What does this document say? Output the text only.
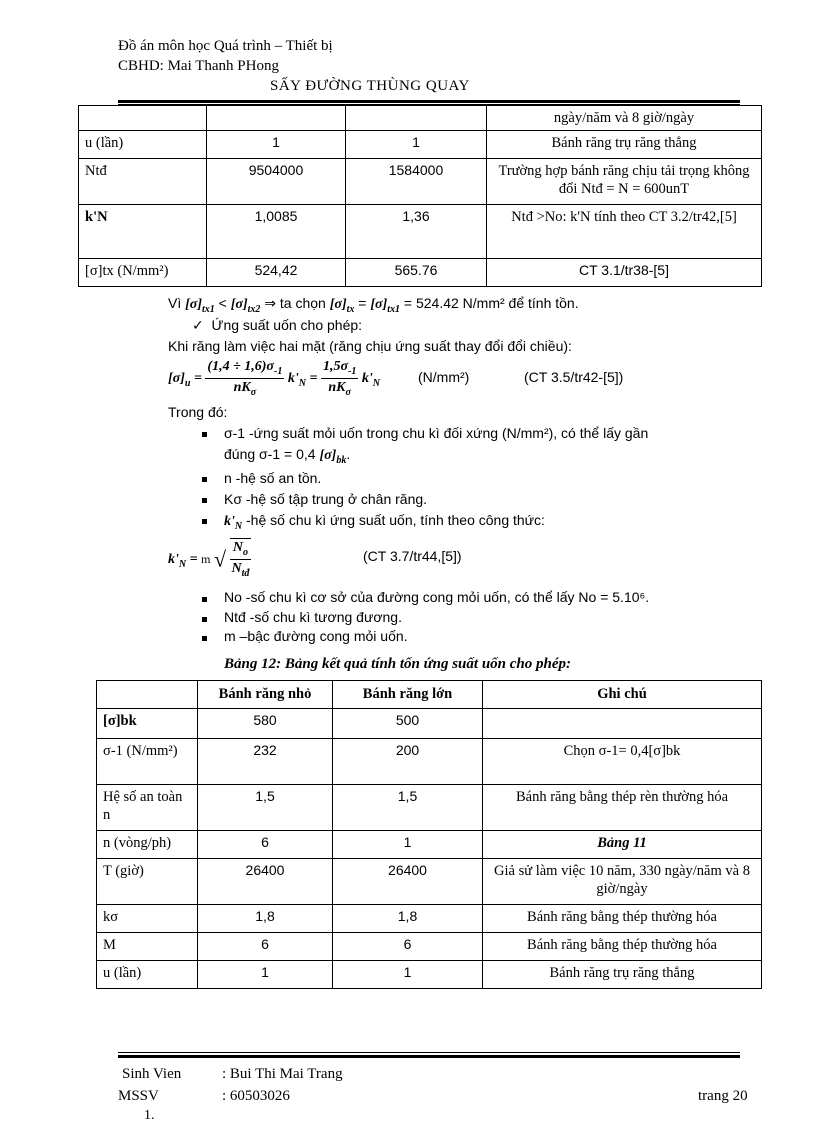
Đồ án môn học Quá trình – Thiết bị
CBHD: Mai Thanh PHong
SẤY ĐƯỜNG THÙNG QUAY
			ngày/năm và 8 giờ/ngày
u (lần)	1	1	Bánh răng trụ răng thẳng
Ntđ	9504000	1584000	Trường hợp bánh răng chịu tải trọng không đổi Ntđ = N = 600unT
k'N	1,0085	1,36	Ntđ >No: k'N tính theo CT 3.2/tr42,[5]
[σ]tx (N/mm²)	524,42	565.76	CT 3.1/tr38-[5]
Vì $[\sigma]_{tx1} < [\sigma]_{tx2}$ ⇒ ta chọn $[\sigma]_{tx} = [\sigma]_{tx1} = 524.42$ N/mm² để tính tồn.
✓ Ứng suất uốn cho phép:
Khi răng làm việc hai mặt (răng chịu ứng suất thay đổi đổi chiều):
$[\sigma]_u = \frac{(1,4 \div 1,6)\sigma_{-1}}{nK_\sigma} k'_N = \frac{1,5\sigma_{-1}}{nK_\sigma} k'_N$	(N/mm²)	(CT 3.5/tr42-[5])
Trong đó:
σ-1 -ứng suất mỏi uốn trong chu kì đối xứng (N/mm²), có thể lấy gần
đúng σ-1 = 0,4 $[\sigma]_{bk}$.
n -hệ số an tồn.
Kσ -hệ số tập trung ở chân răng.
$k'_N$ -hệ số chu kì ứng suất uốn, tính theo công thức:
$k'_N = m$ √ $\frac{N_o}{N_{tđ}}$	(CT 3.7/tr44,[5])
No -số chu kì cơ sở của đường cong mỏi uốn, có thể lấy No = 5.10⁶.
Ntđ -số chu kì tương đương.
m –bậc đường cong mỏi uốn.
Bảng 12: Bảng kết quả tính tốn ứng suất uốn cho phép:
	Bánh răng nhỏ	Bánh răng lớn	Ghi chú
[σ]bk	580	500	
σ-1 (N/mm²)	232	200	Chọn σ-1= 0,4[σ]bk
Hệ số an toàn n	1,5	1,5	Bánh răng bằng thép rèn thường hóa
n (vòng/ph)	6	1	Bảng 11
T (giờ)	26400	26400	Giả sử làm việc 10 năm, 330 ngày/năm và 8 giờ/ngày
kσ	1,8	1,8	Bánh răng bằng thép thường hóa
M	6	6	Bánh răng bằng thép thường hóa
u (lần)	1	1	Bánh răng trụ răng thẳng
Sinh Vien	: Bui Thi Mai Trang
MSSV	: 60503026	trang 20
1.
